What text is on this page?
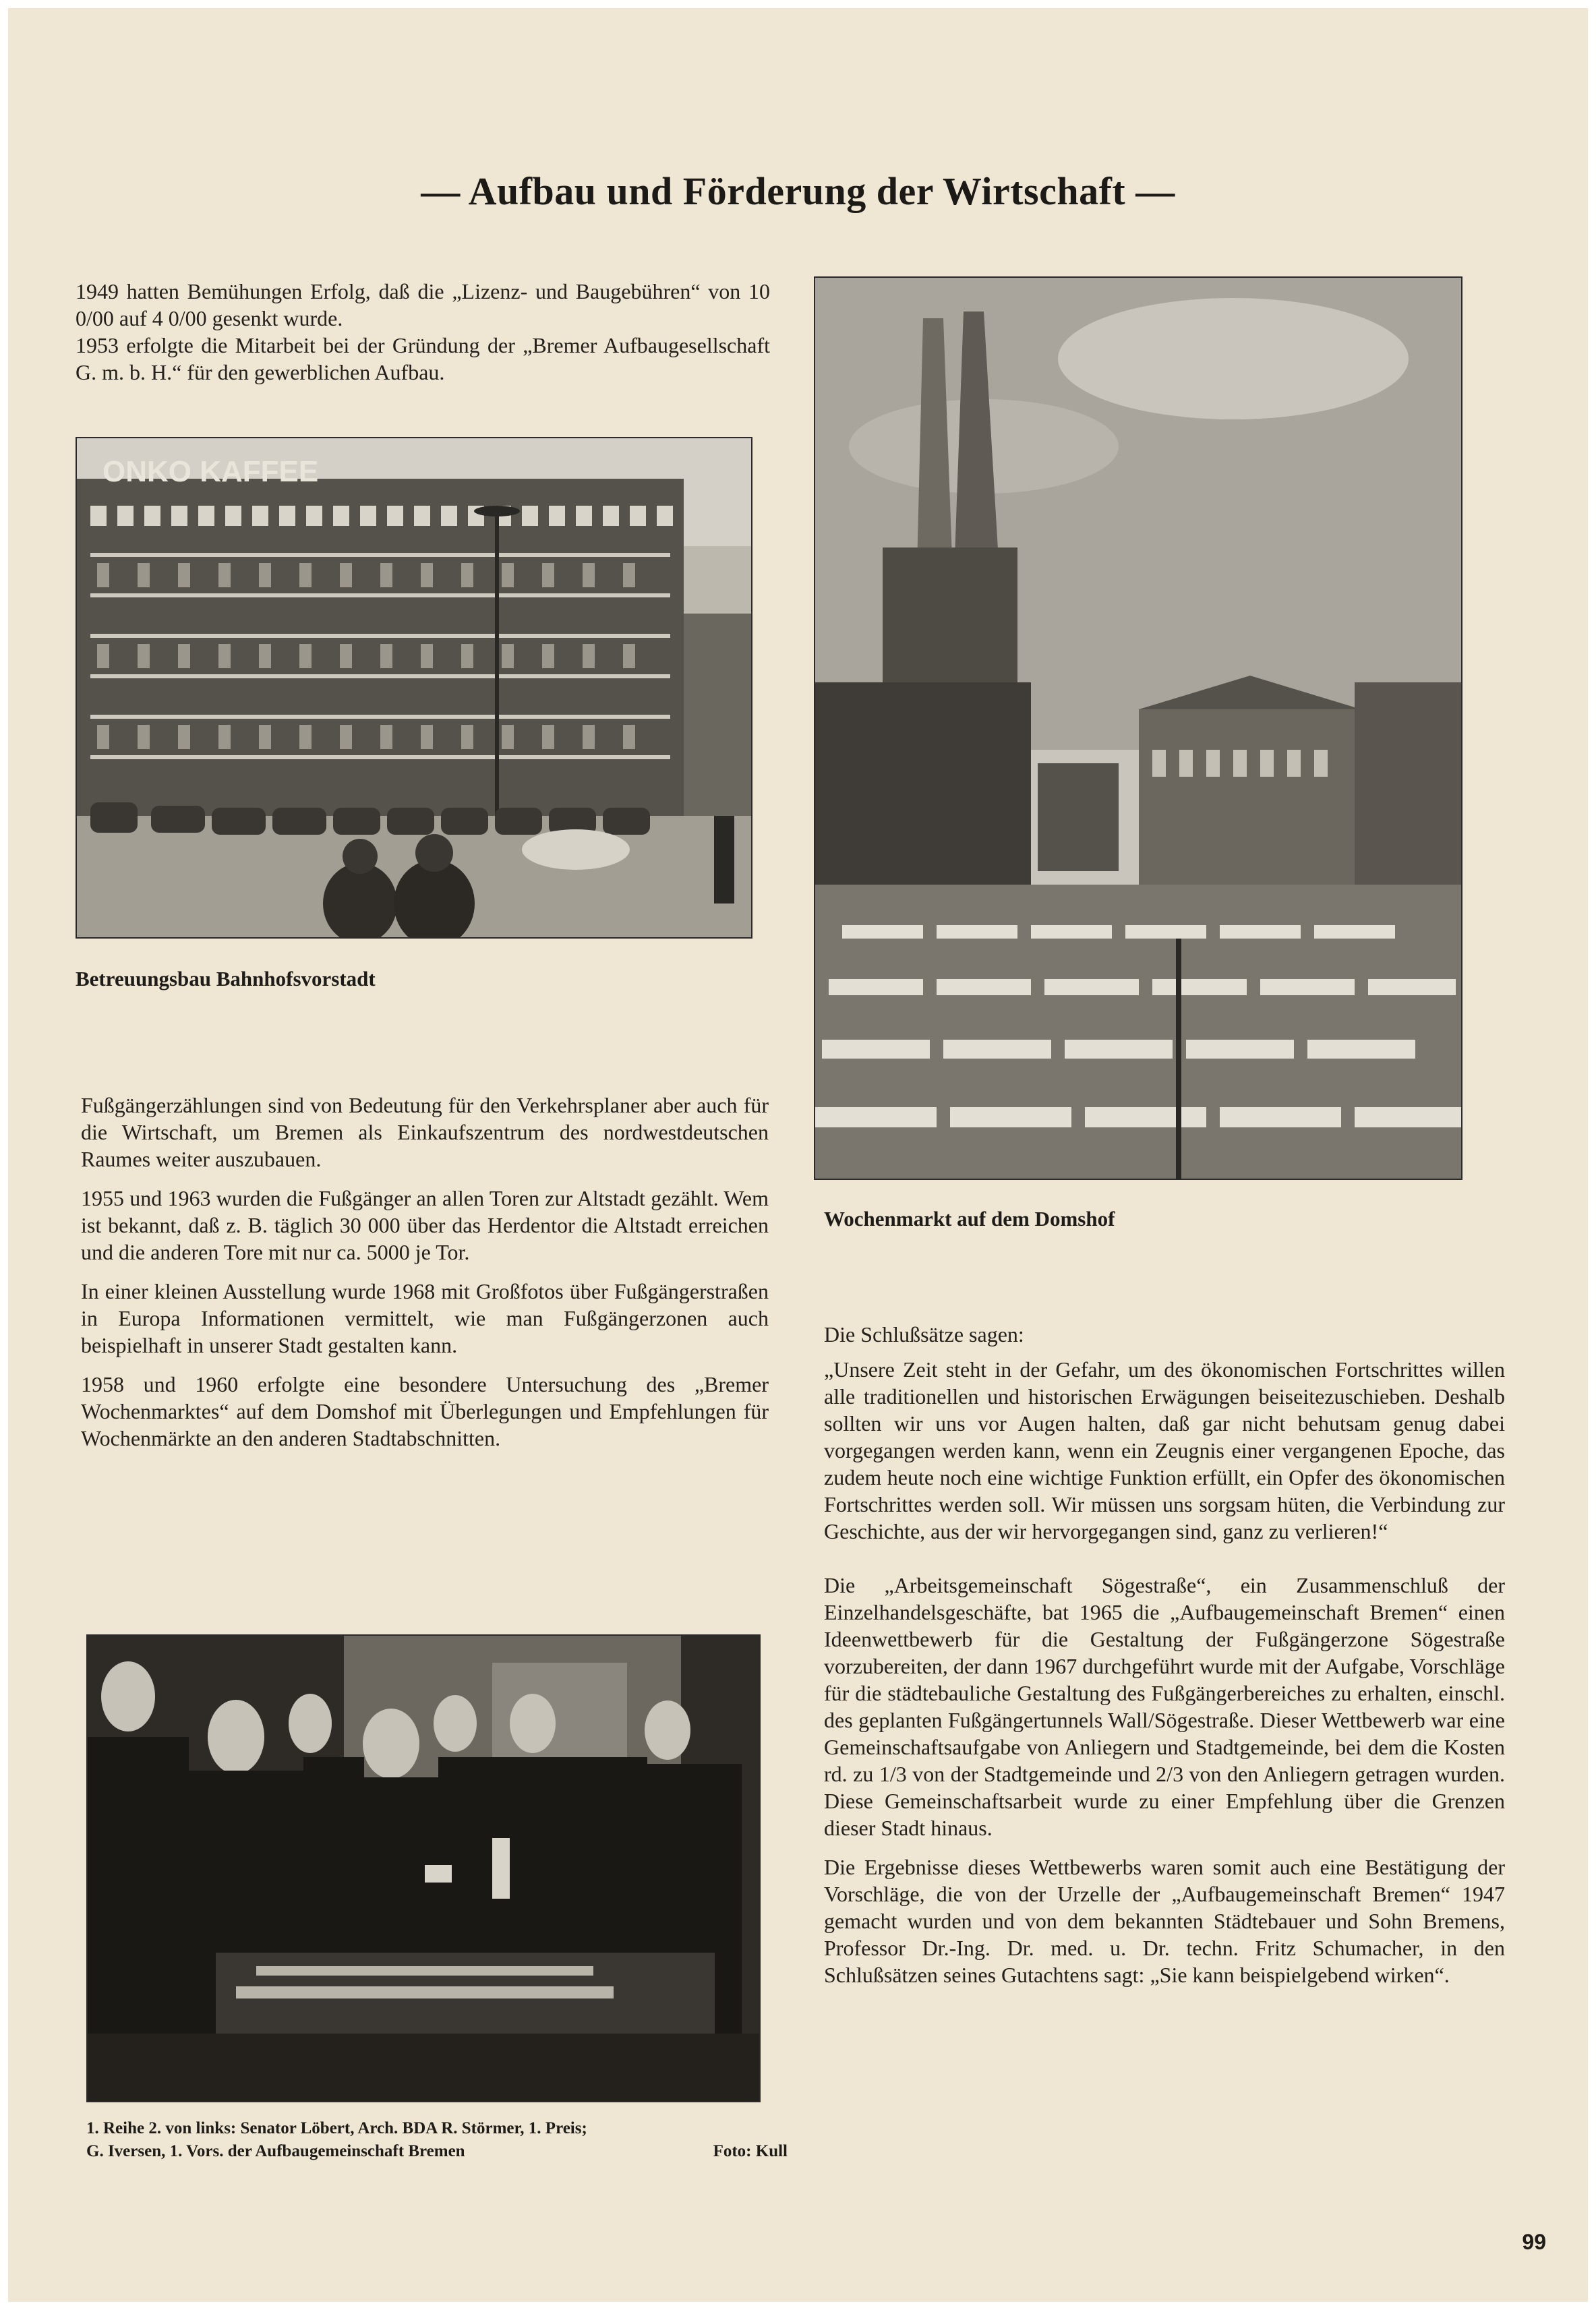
— Aufbau und Förderung der Wirtschaft —

1949 hatten Bemühungen Erfolg, daß die „Lizenz- und Baugebühren“ von 10 0/00 auf 4 0/00 gesenkt wurde.

1953 erfolgte die Mitarbeit bei der Gründung der „Bremer Aufbaugesellschaft G. m. b. H.“ für den gewerblichen Aufbau.

ONKO KAFFEE
Betreuungsbau Bahnhofsvorstadt

Fußgängerzählungen sind von Bedeutung für den Verkehrsplaner aber auch für die Wirtschaft, um Bremen als Einkaufszentrum des nordwestdeutschen Raumes weiter auszubauen.

1955 und 1963 wurden die Fußgänger an allen Toren zur Altstadt gezählt. Wem ist bekannt, daß z. B. täglich 30 000 über das Herdentor die Altstadt erreichen und die anderen Tore mit nur ca. 5000 je Tor.

In einer kleinen Ausstellung wurde 1968 mit Großfotos über Fußgängerstraßen in Europa Informationen vermittelt, wie man Fußgängerzonen auch beispielhaft in unserer Stadt gestalten kann.

1958 und 1960 erfolgte eine besondere Untersuchung des „Bremer Wochenmarktes“ auf dem Domshof mit Überlegungen und Empfehlungen für Wochenmärkte an den anderen Stadtabschnitten.

Wochenmarkt auf dem Domshof

Die Schlußsätze sagen:

„Unsere Zeit steht in der Gefahr, um des ökonomischen Fortschrittes willen alle traditionellen und historischen Erwägungen beiseitezuschieben. Deshalb sollten wir uns vor Augen halten, daß gar nicht behutsam genug dabei vorgegangen werden kann, wenn ein Zeugnis einer vergangenen Epoche, das zudem heute noch eine wichtige Funktion erfüllt, ein Opfer des ökonomischen Fortschrittes werden soll. Wir müssen uns sorgsam hüten, die Verbindung zur Geschichte, aus der wir hervorgegangen sind, ganz zu verlieren!“

Die „Arbeitsgemeinschaft Sögestraße“, ein Zusammenschluß der Einzelhandelsgeschäfte, bat 1965 die „Aufbaugemeinschaft Bremen“ einen Ideenwettbewerb für die Gestaltung der Fußgängerzone Sögestraße vorzubereiten, der dann 1967 durchgeführt wurde mit der Aufgabe, Vorschläge für die städtebauliche Gestaltung des Fußgängerbereiches zu erhalten, einschl. des geplanten Fußgängertunnels Wall/Sögestraße. Dieser Wettbewerb war eine Gemeinschaftsaufgabe von Anliegern und Stadtgemeinde, bei dem die Kosten rd. zu 1/3 von der Stadtgemeinde und 2/3 von den Anliegern getragen wurden. Diese Gemeinschaftsarbeit wurde zu einer Empfehlung über die Grenzen dieser Stadt hinaus.

Die Ergebnisse dieses Wettbewerbs waren somit auch eine Bestätigung der Vorschläge, die von der Urzelle der „Aufbaugemeinschaft Bremen“ 1947 gemacht wurden und von dem bekannten Städtebauer und Sohn Bremens, Professor Dr.-Ing. Dr. med. u. Dr. techn. Fritz Schumacher, in den Schlußsätzen seines Gutachtens sagt: „Sie kann beispielgebend wirken“.

1. Reihe 2. von links: Senator Löbert, Arch. BDA R. Störmer, 1. Preis;
G. Iversen, 1. Vors. der Aufbaugemeinschaft Bremen	Foto: Kull
99
